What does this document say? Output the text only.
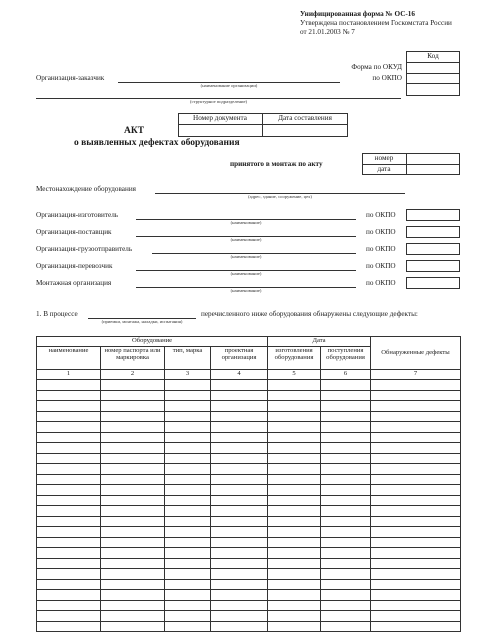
Унифицированная форма № ОС-16
Утверждена постановлением Госкомстата России
от 21.01.2003 № 7
Код
Форма по ОКУД
по ОКПО
Организация-заказчик
(наименование организации)
(структурное подразделение)
Номер документа	Дата составления
АКТ
о выявленных дефектах оборудования
принятого в монтаж по акту
номер
дата
Местонахождение оборудования
(адрес, здание, сооружение, цех)
Организация-изготовитель
(наименование)
по ОКПО
Организация-поставщик
(наименование)
по ОКПО
Организация-грузоотправитель
(наименование)
по ОКПО
Организация-перевозчик
(наименование)
по ОКПО
Монтажная организация
(наименование)
по ОКПО
1. В процессе
(приемки, монтажа, наладки, испытания)
перечисленного ниже оборудования обнаружены следующие дефекты:
Оборудование				Дата		Обнаруженные дефекты
наименование	номер паспорта или маркировка	тип, марка	проектная организация	изготовления оборудования	поступления оборудования	
1	2	3	4	5	6	7
